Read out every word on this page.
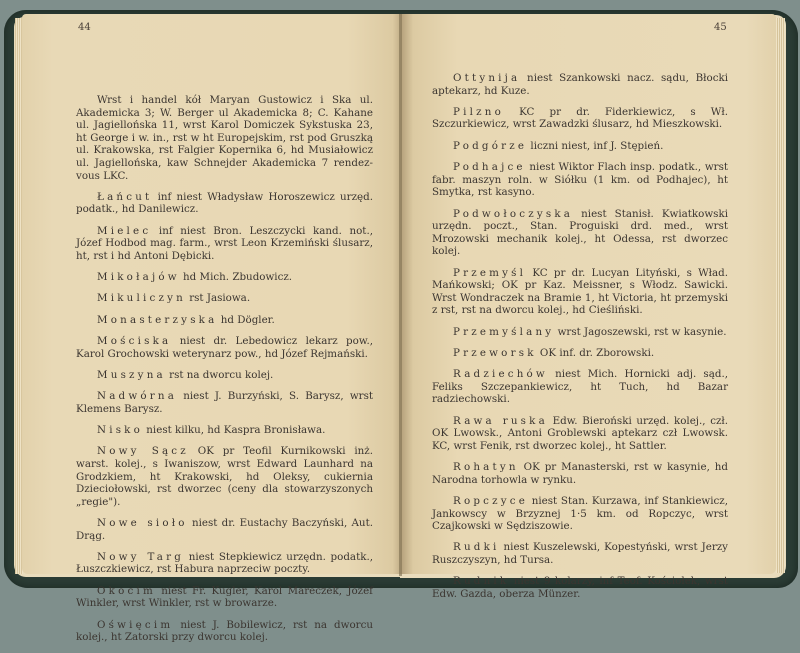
44	45

Wrst i handel kół Maryan Gustowicz i Ska ul. Akademicka 3; W. Berger ul Akademicka 8; C. Kahane ul. Jagiellońska 11, wrst Karol Domiczek Sykstuska 23, ht George i w. in., rst w ht Europejskim, rst pod Gruszką ul. Krakowska, rst Falgier Kopernika 6, hd Musiałowicz ul. Jagiellońska, kaw Schnejder Akademicka 7 rendez-vous LKC.

Łańcut inf niest Władysław Horoszewicz urzęd. podatk., hd Danilewicz.

Mielec inf niest Bron. Leszczycki kand. not., Józef Hodbod mag. farm., wrst Leon Krzemiński ślusarz, ht, rst i hd Antoni Dębicki.

Mikołajów hd Mich. Zbudowicz.

Mikuliczyn rst Jasiowa.

Monasterzyska hd Dögler.

Mościska niest dr. Lebedowicz lekarz pow., Karol Grochowski weterynarz pow., hd Józef Rejmański.

Muszyna rst na dworcu kolej.

Nadwórna niest J. Burzyński, S. Barysz, wrst Klemens Barysz.

Nisko niest kilku, hd Kaspra Bronisława.

Nowy Sącz OK pr Teofil Kurnikowski inż. warst. kolej., s Iwaniszow, wrst Edward Launhard na Grodzkiem, ht Krakowski, hd Oleksy, cukiernia Dzieciołowski, rst dworzec (ceny dla stowarzyszonych „regie").

Nowe sioło niest dr. Eustachy Baczyński, Aut. Drąg.

Nowy Targ niest Stepkiewicz urzędn. podatk., Łuszczkiewicz, rst Habura naprzeciw poczty.

Okocim niest Fr. Kugler, Karol Mareczek, Józef Winkler, wrst Winkler, rst w browarze.

Oświęcim niest J. Bobilewicz, rst na dworcu kolej., ht Zatorski przy dworcu kolej.

Ottynija niest Szankowski nacz. sądu, Błocki aptekarz, hd Kuze.

Pilzno KC pr dr. Fiderkiewicz, s Wł. Szczurkiewicz, wrst Zawadzki ślusarz, hd Mieszkowski.

Podgórze liczni niest, inf J. Stępień.

Podhajce niest Wiktor Flach insp. podatk., wrst fabr. maszyn roln. w Siółku (1 km. od Podhajec), ht Smytka, rst kasyno.

Podwołoczyska niest Stanisł. Kwiatkowski urzędn. poczt., Stan. Proguiski drd. med., wrst Mrozowski mechanik kolej., ht Odessa, rst dworzec kolej.

Przemyśl KC pr dr. Lucyan Lityński, s Wład. Mańkowski; OK pr Kaz. Meissner, s Włodz. Sawicki. Wrst Wondraczek na Bramie 1, ht Victoria, ht przemyski z rst, rst na dworcu kolej., hd Cieśliński.

Przemyślany wrst Jagoszewski, rst w kasynie.

Przeworsk OK inf. dr. Zborowski.

Radziechów niest Mich. Hornicki adj. sąd., Feliks Szczepankiewicz, ht Tuch, hd Bazar radziechowski.

Rawa ruska Edw. Bieroński urzęd. kolej., czł. OK Lwowsk., Antoni Groblewski aptekarz czł Lwowsk. KC, wrst Fenik, rst dworzec kolej., ht Sattler.

Rohatyn OK pr Manasterski, rst w kasynie, hd Narodna torhowla w rynku.

Ropczyce niest Stan. Kurzawa, inf Stankiewicz, Jankowscy w Brzyznej 1·5 km. od Ropczyc, wrst Czajkowski w Sędziszowie.

Rudki niest Kuszelewski, Kopestyński, wrst Jerzy Ruszczyszyn, hd Tursa.

Rudnik niest 9 kolarzy, inf Teof. Kościołek, wrst Edw. Gazda, oberza Münzer.
